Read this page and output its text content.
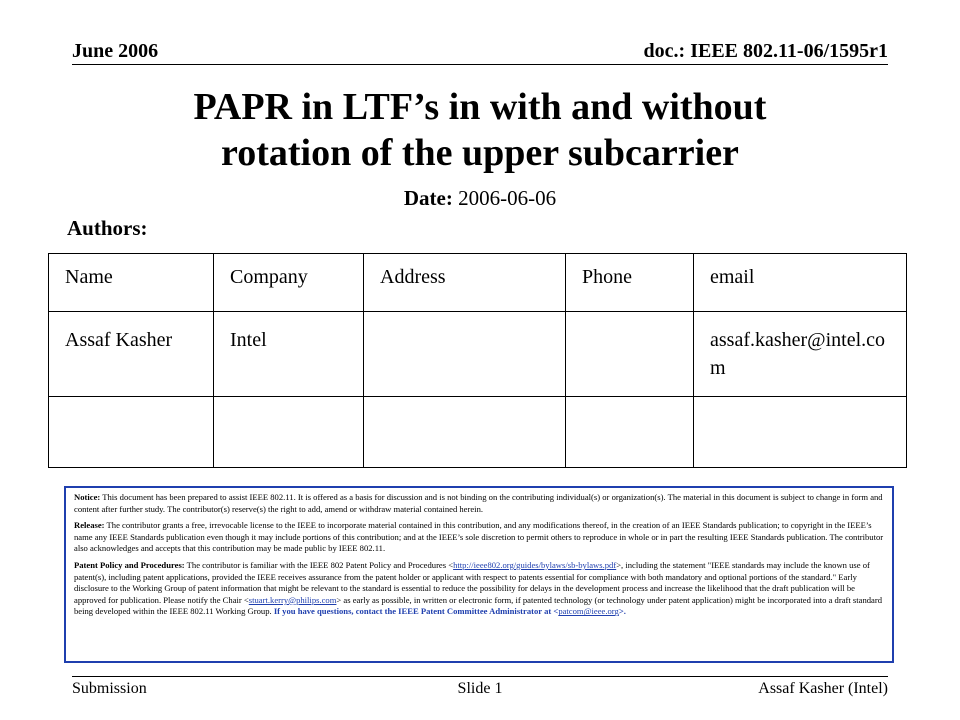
June 2006	doc.: IEEE 802.11-06/1595r1
PAPR in LTF’s in with and without
rotation of the upper subcarrier
Date: 2006-06-06
Authors:
Name	Company	Address	Phone	email
Assaf Kasher	Intel			assaf.kasher@intel.com

Notice: This document has been prepared to assist IEEE 802.11. It is offered as a basis for discussion and is not binding on the contributing individual(s) or organization(s). The material in this document is subject to change in form and content after further study. The contributor(s) reserve(s) the right to add, amend or withdraw material contained herein.

Release: The contributor grants a free, irrevocable license to the IEEE to incorporate material contained in this contribution, and any modifications thereof, in the creation of an IEEE Standards publication; to copyright in the IEEE’s name any IEEE Standards publication even though it may include portions of this contribution; and at the IEEE’s sole discretion to permit others to reproduce in whole or in part the resulting IEEE Standards publication. The contributor also acknowledges and accepts that this contribution may be made public by IEEE 802.11.

Patent Policy and Procedures: The contributor is familiar with the IEEE 802 Patent Policy and Procedures <http://ieee802.org/guides/bylaws/sb-bylaws.pdf>, including the statement "IEEE standards may include the known use of patent(s), including patent applications, provided the IEEE receives assurance from the patent holder or applicant with respect to patents essential for compliance with both mandatory and optional portions of the standard." Early disclosure to the Working Group of patent information that might be relevant to the standard is essential to reduce the possibility for delays in the development process and increase the likelihood that the draft publication will be approved for publication. Please notify the Chair <stuart.kerry@philips.com> as early as possible, in written or electronic form, if patented technology (or technology under patent application) might be incorporated into a draft standard being developed within the IEEE 802.11 Working Group. If you have questions, contact the IEEE Patent Committee Administrator at <patcom@ieee.org>.

Submission	Slide 1	Assaf Kasher (Intel)
